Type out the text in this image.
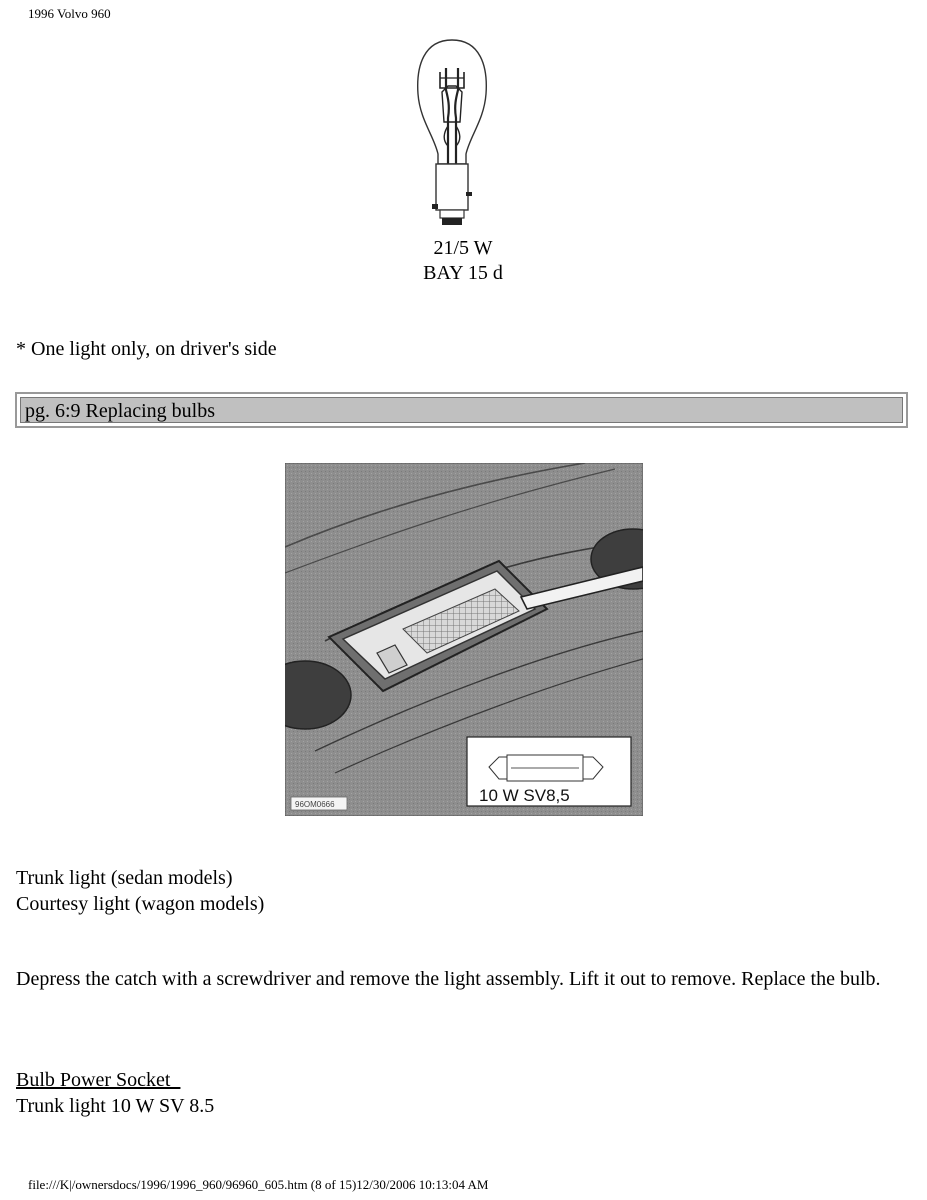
1996 Volvo 960
21/5 W
BAY 15 d
* One light only, on driver's side
pg. 6:9 Replacing bulbs
10 W SV8,5
96OM0666
Trunk light (sedan models)
Courtesy light (wagon models)
Depress the catch with a screwdriver and remove the light assembly. Lift it out to remove. Replace the bulb.
Bulb Power Socket
Trunk light 10 W SV 8.5
file:///K|/ownersdocs/1996/1996_960/96960_605.htm (8 of 15)12/30/2006 10:13:04 AM
